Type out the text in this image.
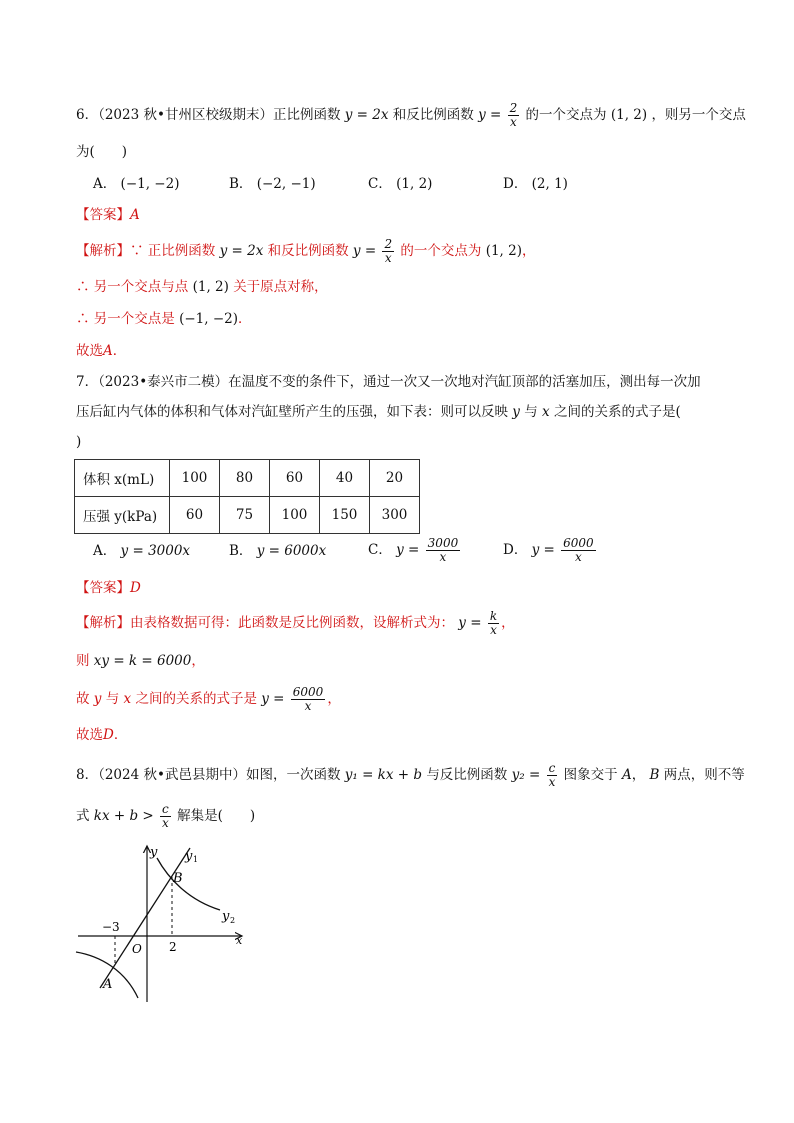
6．（2023 秋•甘州区校级期末）正比例函数 y = 2x 和反比例函数 $y = \frac{2}{x}$ 的一个交点为 (1, 2) ，则另一个交点
为(　　)
A． (−1, −2)	B． (−2, −1)	C． (1, 2)	D． (2, 1)
【答案】A
【解析】∵ 正比例函数 y = 2x 和反比例函数 $y = \frac{2}{x}$ 的一个交点为 (1, 2)，
∴ 另一个交点与点 (1, 2) 关于原点对称，
∴ 另一个交点是 (−1, −2)．
故选A．
7．（2023•泰兴市二模）在温度不变的条件下，通过一次又一次地对汽缸顶部的活塞加压，测出每一次加
压后缸内气体的体积和气体对汽缸壁所产生的压强，如下表：则可以反映 y 与 x 之间的关系的式子是(
)
体积 x(mL)	100	80	60	40	20
压强 y(kPa)	60	75	100	150	300
A． y = 3000x	B． y = 6000x	C． $y = \frac{3000}{x}$	D． $y = \frac{6000}{x}$
【答案】D
【解析】由表格数据可得：此函数是反比例函数，设解析式为： $y = \frac{k}{x}$ ，
则 xy = k = 6000，
故 y 与 x 之间的关系的式子是 $y = \frac{6000}{x}$ ，
故选D．
8．（2024 秋•武邑县期中）如图，一次函数 y₁ = kx + b 与反比例函数 $y_2 = \frac{c}{x}$ 图象交于 A， B 两点，则不等
式 kx + $b > \frac{c}{x}$ 解集是(　　)
y
x
O
y 1
y 2
B
A
−3
2
